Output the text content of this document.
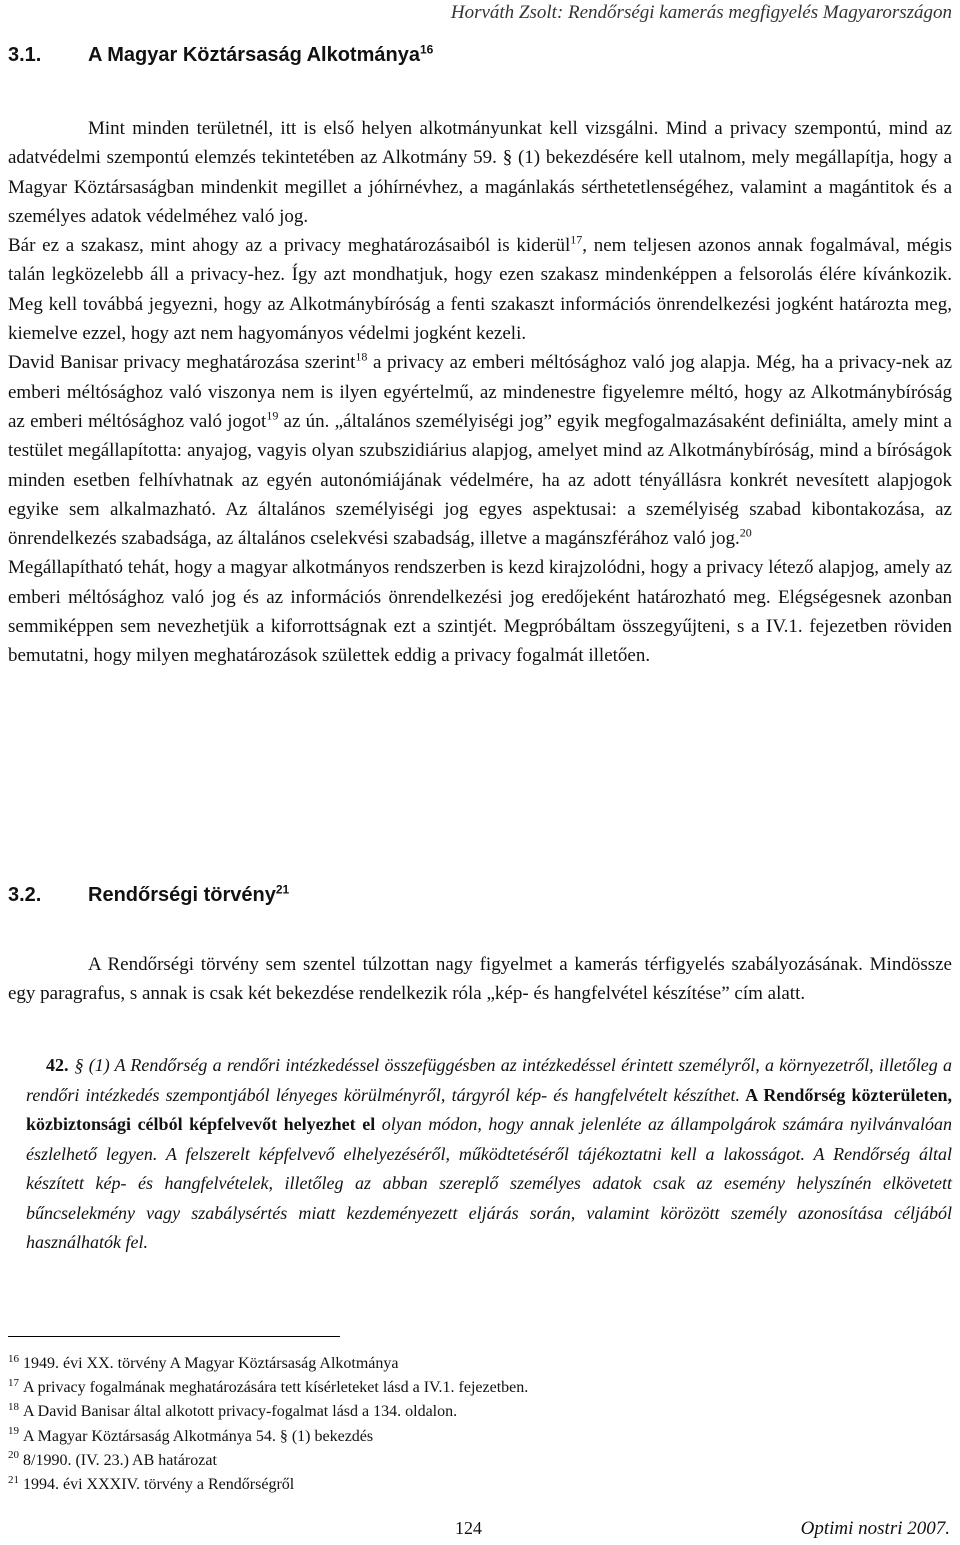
Horváth Zsolt: Rendőrségi kamerás megfigyelés Magyarországon
3.1. A Magyar Köztársaság Alkotmánya$^{16}$

Mint minden területnél, itt is első helyen alkotmányunkat kell vizsgálni. Mind a privacy szempontú, mind az adatvédelmi szempontú elemzés tekintetében az Alkotmány 59. § (1) bekezdésére kell utalnom, mely megállapítja, hogy a Magyar Köztársaságban mindenkit megillet a jóhírnévhez, a magánlakás sérthetetlenségéhez, valamint a magántitok és a személyes adatok védelméhez való jog.

Bár ez a szakasz, mint ahogy az a privacy meghatározásaiból is kiderül$^{17}$, nem teljesen azonos annak fogalmával, mégis talán legközelebb áll a privacy-hez. Így azt mondhatjuk, hogy ezen szakasz mindenképpen a felsorolás élére kívánkozik. Meg kell továbbá jegyezni, hogy az Alkotmánybíróság a fenti szakaszt információs önrendelkezési jogként határozta meg, kiemelve ezzel, hogy azt nem hagyományos védelmi jogként kezeli.

David Banisar privacy meghatározása szerint$^{18}$ a privacy az emberi méltósághoz való jog alapja. Még, ha a privacy-nek az emberi méltósághoz való viszonya nem is ilyen egyértelmű, az mindenestre figyelemre méltó, hogy az Alkotmánybíróság az emberi méltósághoz való jogot$^{19}$ az ún. „általános személyiségi jog” egyik megfogalmazásaként definiálta, amely mint a testület megállapította: anyajog, vagyis olyan szubszidiárius alapjog, amelyet mind az Alkotmánybíróság, mind a bíróságok minden esetben felhívhatnak az egyén autonómiájának védelmére, ha az adott tényállásra konkrét nevesített alapjogok egyike sem alkalmazható. Az általános személyiségi jog egyes aspektusai: a személyiség szabad kibontakozása, az önrendelkezés szabadsága, az általános cselekvési szabadság, illetve a magánszférához való jog.$^{20}$

Megállapítható tehát, hogy a magyar alkotmányos rendszerben is kezd kirajzolódni, hogy a privacy létező alapjog, amely az emberi méltósághoz való jog és az információs önrendelkezési jog eredőjeként határozható meg. Elégségesnek azonban semmiképpen sem nevezhetjük a kiforrottságnak ezt a szintjét. Megpróbáltam összegyűjteni, s a IV.1. fejezetben röviden bemutatni, hogy milyen meghatározások születtek eddig a privacy fogalmát illetően.

3.2. Rendőrségi törvény$^{21}$

A Rendőrségi törvény sem szentel túlzottan nagy figyelmet a kamerás térfigyelés szabályozásának. Mindössze egy paragrafus, s annak is csak két bekezdése rendelkezik róla „kép- és hangfelvétel készítése” cím alatt.

42. § (1) A Rendőrség a rendőri intézkedéssel összefüggésben az intézkedéssel érintett személyről, a környezetről, illetőleg a rendőri intézkedés szempontjából lényeges körülményről, tárgyról kép- és hangfelvételt készíthet. A Rendőrség közterületen, közbiztonsági célból képfelvevőt helyezhet el olyan módon, hogy annak jelenléte az állampolgárok számára nyilvánvalóan észlelhető legyen. A felszerelt képfelvevő elhelyezéséről, működtetéséről tájékoztatni kell a lakosságot. A Rendőrség által készített kép- és hangfelvételek, illetőleg az abban szereplő személyes adatok csak az esemény helyszínén elkövetett bűncselekmény vagy szabálysértés miatt kezdeményezett eljárás során, valamint körözött személy azonosítása céljából használhatók fel.
$^{16}$ 1949. évi XX. törvény A Magyar Köztársaság Alkotmánya
$^{17}$ A privacy fogalmának meghatározására tett kísérleteket lásd a IV.1. fejezetben.
$^{18}$ A David Banisar által alkotott privacy-fogalmat lásd a 134. oldalon.
$^{19}$ A Magyar Köztársaság Alkotmánya 54. § (1) bekezdés
$^{20}$ 8/1990. (IV. 23.) AB határozat
$^{21}$ 1994. évi XXXIV. törvény a Rendőrségről
124	Optimi nostri 2007.
